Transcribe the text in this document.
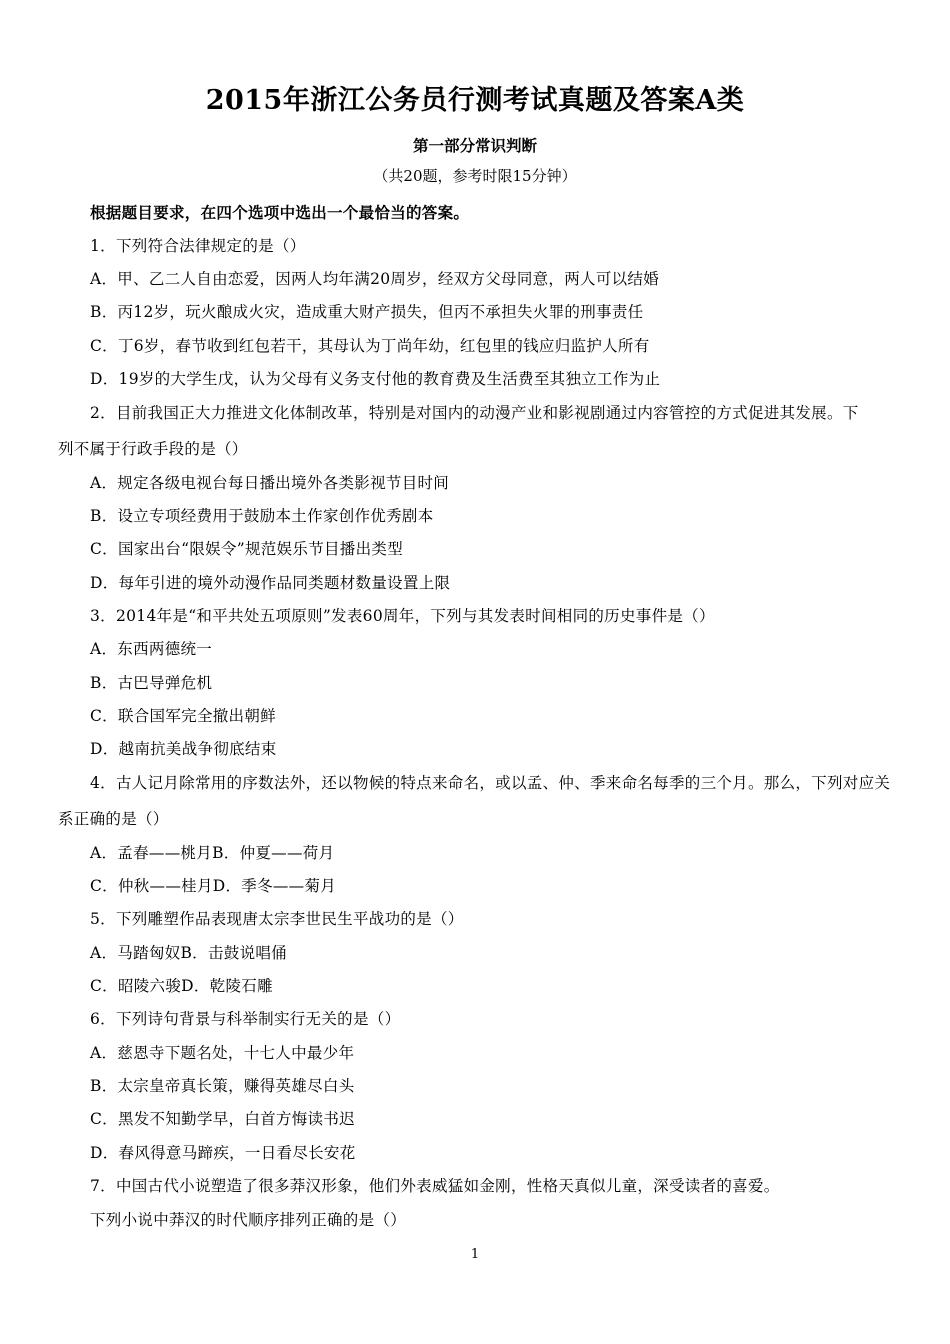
2015年浙江公务员行测考试真题及答案A类
第一部分常识判断
（共20题，参考时限15分钟）
根据题目要求，在四个选项中选出一个最恰当的答案。
1．下列符合法律规定的是（）
A．甲、乙二人自由恋爱，因两人均年满20周岁，经双方父母同意，两人可以结婚
B．丙12岁，玩火酿成火灾，造成重大财产损失，但丙不承担失火罪的刑事责任
C．丁6岁，春节收到红包若干，其母认为丁尚年幼，红包里的钱应归监护人所有
D．19岁的大学生戊，认为父母有义务支付他的教育费及生活费至其独立工作为止
2．目前我国正大力推进文化体制改革，特别是对国内的动漫产业和影视剧通过内容管控的方式促进其发展。下
列不属于行政手段的是（）
A．规定各级电视台每日播出境外各类影视节目时间
B．设立专项经费用于鼓励本土作家创作优秀剧本
C．国家出台“限娱令”规范娱乐节目播出类型
D．每年引进的境外动漫作品同类题材数量设置上限
3．2014年是“和平共处五项原则”发表60周年，下列与其发表时间相同的历史事件是（）
A．东西两德统一
B．古巴导弹危机
C．联合国军完全撤出朝鲜
D．越南抗美战争彻底结束
4．古人记月除常用的序数法外，还以物候的特点来命名，或以孟、仲、季来命名每季的三个月。那么，下列对应关
系正确的是（）
A．孟春——桃月B．仲夏——荷月
C．仲秋——桂月D．季冬——菊月
5．下列雕塑作品表现唐太宗李世民生平战功的是（）
A．马踏匈奴B．击鼓说唱俑
C．昭陵六骏D．乾陵石雕
6．下列诗句背景与科举制实行无关的是（）
A．慈恩寺下题名处，十七人中最少年
B．太宗皇帝真长策，赚得英雄尽白头
C．黑发不知勤学早，白首方悔读书迟
D．春风得意马蹄疾，一日看尽长安花
7．中国古代小说塑造了很多莽汉形象，他们外表威猛如金刚，性格天真似儿童，深受读者的喜爱。
下列小说中莽汉的时代顺序排列正确的是（）
1
